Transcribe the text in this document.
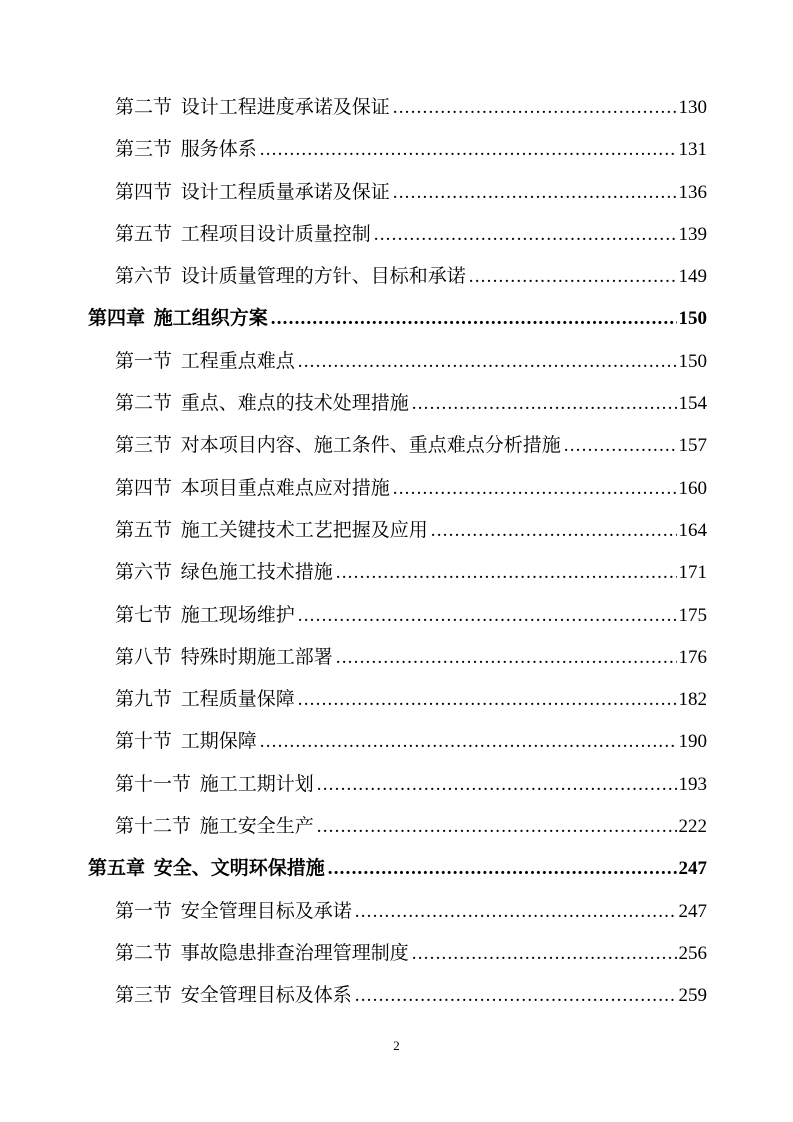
第二节 设计工程进度承诺及保证 .....	130
第三节 服务体系 .....	131
第四节 设计工程质量承诺及保证 .....	136
第五节 工程项目设计质量控制 .....	139
第六节 设计质量管理的方针、目标和承诺 .....	149
第四章 施工组织方案 .....	150
第一节 工程重点难点 .....	150
第二节 重点、难点的技术处理措施 .....	154
第三节 对本项目内容、施工条件、重点难点分析措施 .....	157
第四节 本项目重点难点应对措施 .....	160
第五节 施工关键技术工艺把握及应用 .....	164
第六节 绿色施工技术措施 .....	171
第七节 施工现场维护 .....	175
第八节 特殊时期施工部署 .....	176
第九节 工程质量保障 .....	182
第十节 工期保障 .....	190
第十一节 施工工期计划 .....	193
第十二节 施工安全生产 .....	222
第五章 安全、文明环保措施 .....	247
第一节 安全管理目标及承诺 .....	247
第二节 事故隐患排查治理管理制度 .....	256
第三节 安全管理目标及体系 .....	259
2
